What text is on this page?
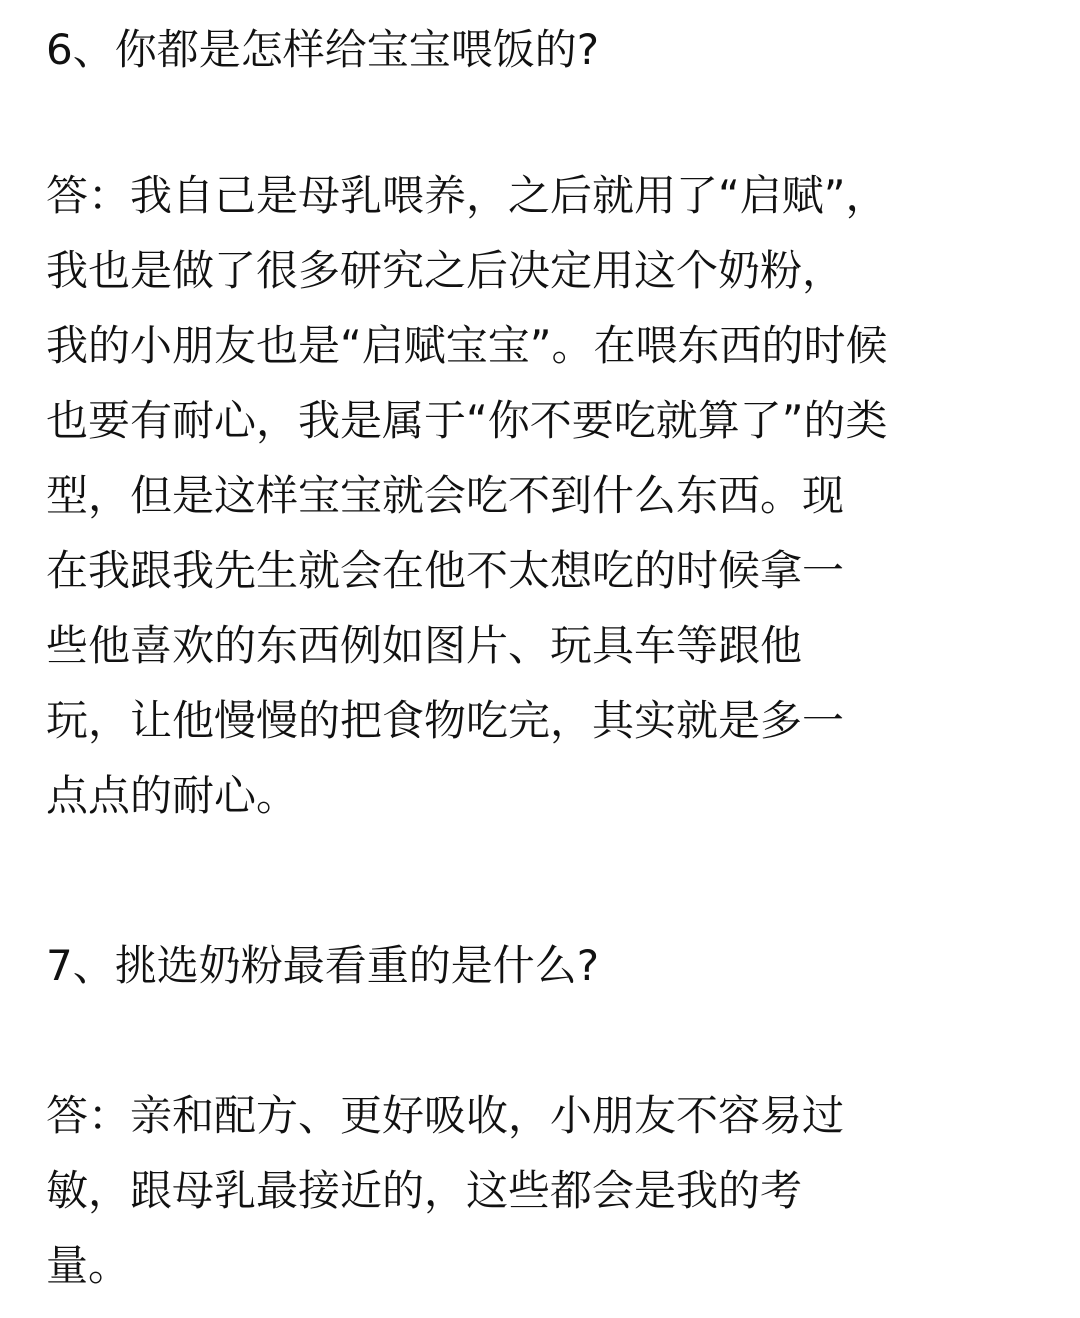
6、你都是怎样给宝宝喂饭的?
答：我自己是母乳喂养，之后就用了“启赋”，
我也是做了很多研究之后决定用这个奶粉，
我的小朋友也是“启赋宝宝”。在喂东西的时候
也要有耐心，我是属于“你不要吃就算了”的类
型，但是这样宝宝就会吃不到什么东西。现
在我跟我先生就会在他不太想吃的时候拿一
些他喜欢的东西例如图片、玩具车等跟他
玩，让他慢慢的把食物吃完，其实就是多一
点点的耐心。
7、挑选奶粉最看重的是什么?
答：亲和配方、更好吸收，小朋友不容易过
敏，跟母乳最接近的，这些都会是我的考
量。
